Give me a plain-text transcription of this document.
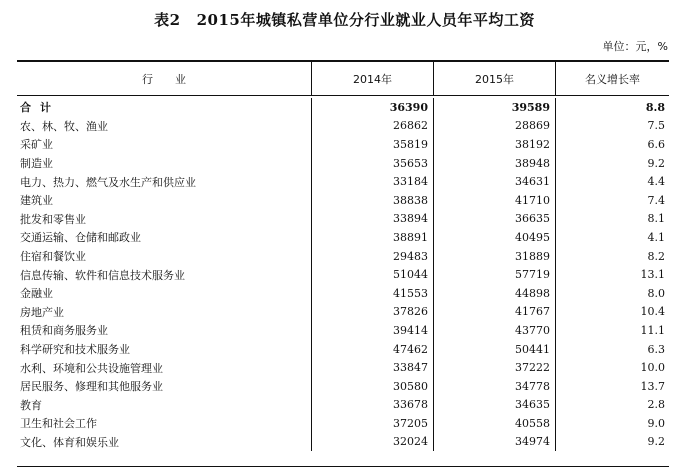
表2 2015年城镇私营单位分行业就业人员年平均工资
单位：元，%
行业	2014年	2015年	名义增长率
合计	36390	39589	8.8
农、林、牧、渔业	26862	28869	7.5
采矿业	35819	38192	6.6
制造业	35653	38948	9.2
电力、热力、燃气及水生产和供应业	33184	34631	4.4
建筑业	38838	41710	7.4
批发和零售业	33894	36635	8.1
交通运输、仓储和邮政业	38891	40495	4.1
住宿和餐饮业	29483	31889	8.2
信息传输、软件和信息技术服务业	51044	57719	13.1
金融业	41553	44898	8.0
房地产业	37826	41767	10.4
租赁和商务服务业	39414	43770	11.1
科学研究和技术服务业	47462	50441	6.3
水利、环境和公共设施管理业	33847	37222	10.0
居民服务、修理和其他服务业	30580	34778	13.7
教育	33678	34635	2.8
卫生和社会工作	37205	40558	9.0
文化、体育和娱乐业	32024	34974	9.2
